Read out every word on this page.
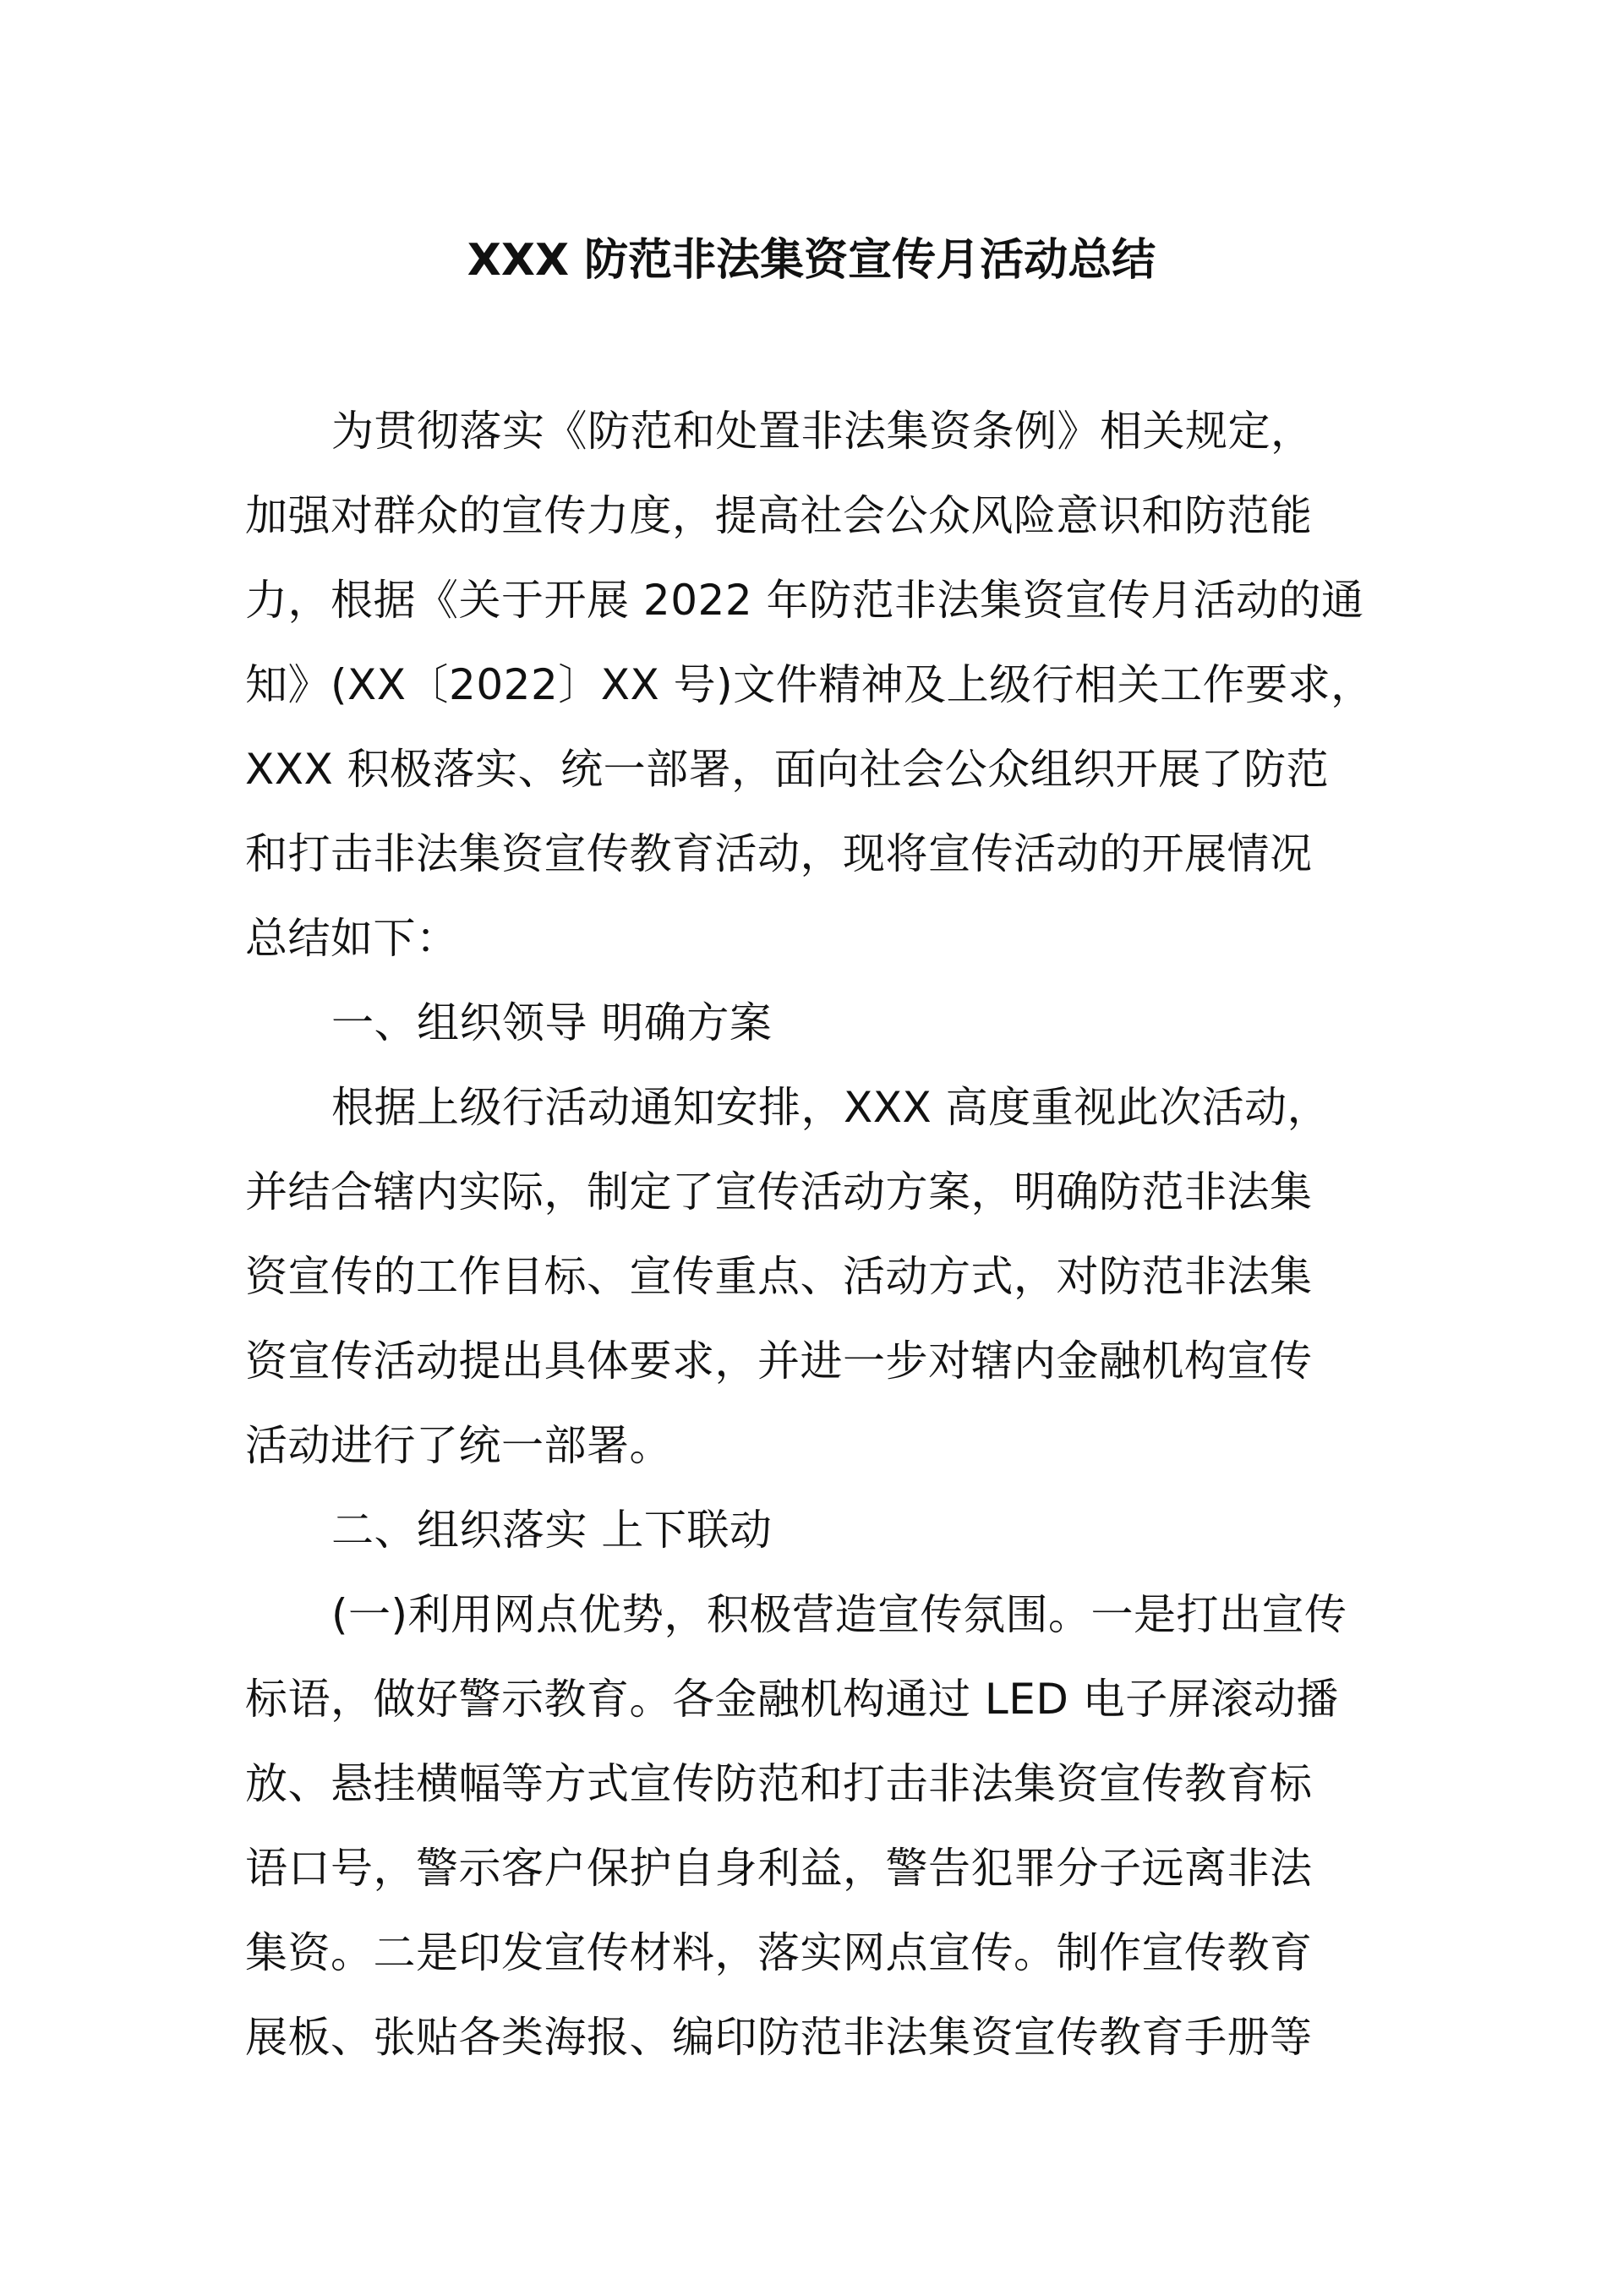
XXX 防范非法集资宣传月活动总结
为贯彻落实《防范和处置非法集资条例》相关规定，
加强对群众的宣传力度，提高社会公众风险意识和防范能
力，根据《关于开展 2022 年防范非法集资宣传月活动的通
知》(XX〔2022〕XX 号)文件精神及上级行相关工作要求，
XXX 积极落实、统一部署，面向社会公众组织开展了防范
和打击非法集资宣传教育活动，现将宣传活动的开展情况
总结如下：
一、组织领导 明确方案
根据上级行活动通知安排，XXX 高度重视此次活动，
并结合辖内实际，制定了宣传活动方案，明确防范非法集
资宣传的工作目标、宣传重点、活动方式，对防范非法集
资宣传活动提出具体要求，并进一步对辖内金融机构宣传
活动进行了统一部署。
二、组织落实 上下联动
(一)利用网点优势，积极营造宣传氛围。一是打出宣传
标语，做好警示教育。各金融机构通过 LED 电子屏滚动播
放、悬挂横幅等方式宣传防范和打击非法集资宣传教育标
语口号，警示客户保护自身利益，警告犯罪分子远离非法
集资。二是印发宣传材料，落实网点宣传。制作宣传教育
展板、张贴各类海报、编印防范非法集资宣传教育手册等
